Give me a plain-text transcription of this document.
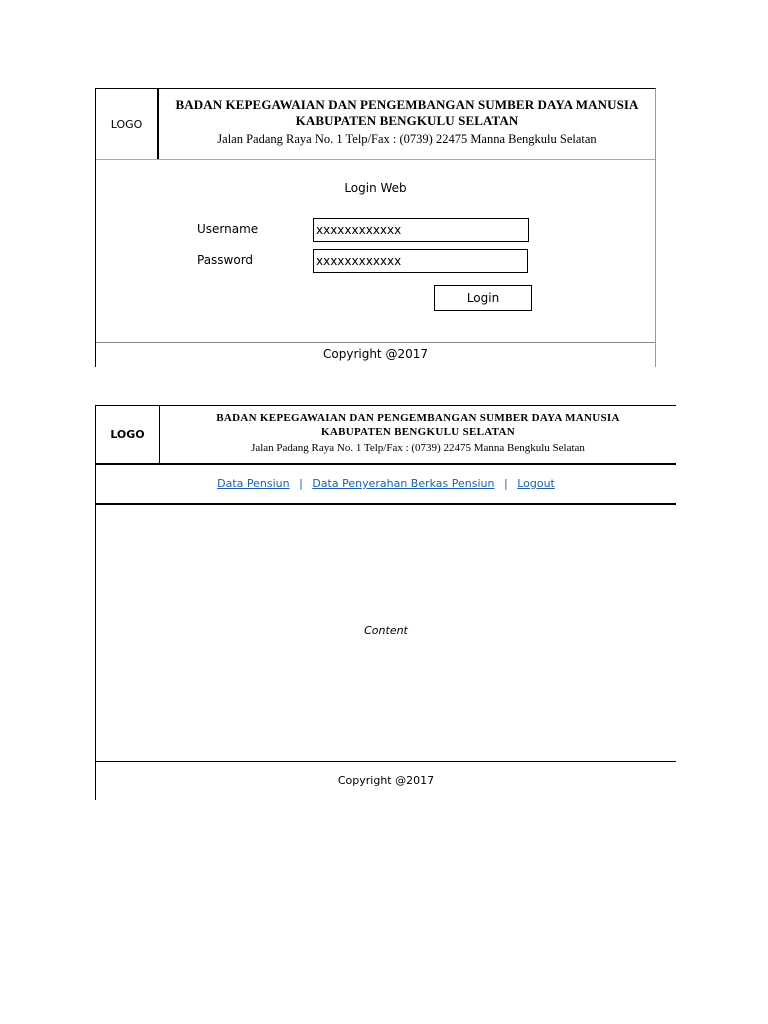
LOGO
BADAN KEPEGAWAIAN DAN PENGEMBANGAN SUMBER DAYA MANUSIA
KABUPATEN BENGKULU SELATAN
Jalan Padang Raya No. 1 Telp/Fax : (0739) 22475 Manna Bengkulu Selatan
Login Web
Username	xxxxxxxxxxxx
Password	xxxxxxxxxxxx
Login
Copyright @2017
LOGO
BADAN KEPEGAWAIAN DAN PENGEMBANGAN SUMBER DAYA MANUSIA
KABUPATEN BENGKULU SELATAN
Jalan Padang Raya No. 1 Telp/Fax : (0739) 22475 Manna Bengkulu Selatan
Data Pensiun | Data Penyerahan Berkas Pensiun | Logout
Content
Copyright @2017
